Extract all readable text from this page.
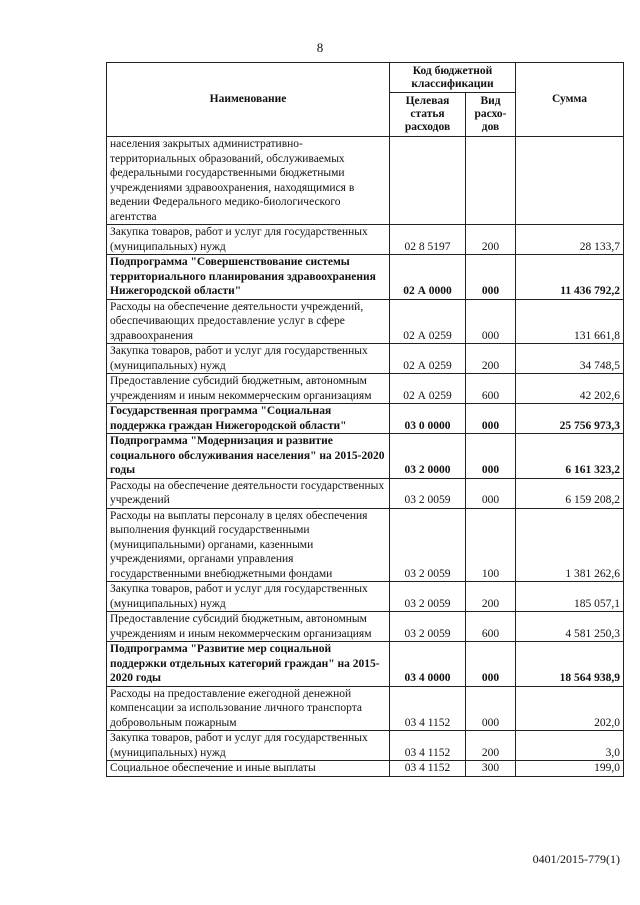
8
Наименование	Код бюджетной классификации		Сумма
	Целевая статья расходов	Вид расхо-дов	
населения закрытых административно-территориальных образований, обслуживаемых федеральными государственными бюджетными учреждениями здравоохранения, находящимися в ведении Федерального медико-биологического агентства			
Закупка товаров, работ и услуг для государственных (муниципальных) нужд	02 8 5197	200	28 133,7
Подпрограмма "Совершенствование системы территориального планирования здравоохранения Нижегородской области"	02 А 0000	000	11 436 792,2
Расходы на обеспечение деятельности учреждений, обеспечивающих предоставление услуг в сфере здравоохранения	02 А 0259	000	131 661,8
Закупка товаров, работ и услуг для государственных (муниципальных) нужд	02 А 0259	200	34 748,5
Предоставление субсидий бюджетным, автономным учреждениям и иным некоммерческим организациям	02 А 0259	600	42 202,6
Государственная программа "Социальная поддержка граждан Нижегородской области"	03 0 0000	000	25 756 973,3
Подпрограмма "Модернизация и развитие социального обслуживания населения" на 2015-2020 годы	03 2 0000	000	6 161 323,2
Расходы на обеспечение деятельности государственных учреждений	03 2 0059	000	6 159 208,2
Расходы на выплаты персоналу в целях обеспечения выполнения функций государственными (муниципальными) органами, казенными учреждениями, органами управления государственными внебюджетными фондами	03 2 0059	100	1 381 262,6
Закупка товаров, работ и услуг для государственных (муниципальных) нужд	03 2 0059	200	185 057,1
Предоставление субсидий бюджетным, автономным учреждениям и иным некоммерческим организациям	03 2 0059	600	4 581 250,3
Подпрограмма "Развитие мер социальной поддержки отдельных категорий граждан" на 2015-2020 годы	03 4 0000	000	18 564 938,9
Расходы на предоставление ежегодной денежной компенсации за использование личного транспорта добровольным пожарным	03 4 1152	000	202,0
Закупка товаров, работ и услуг для государственных (муниципальных) нужд	03 4 1152	200	3,0
Социальное обеспечение и иные выплаты	03 4 1152	300	199,0
0401/2015-779(1)
